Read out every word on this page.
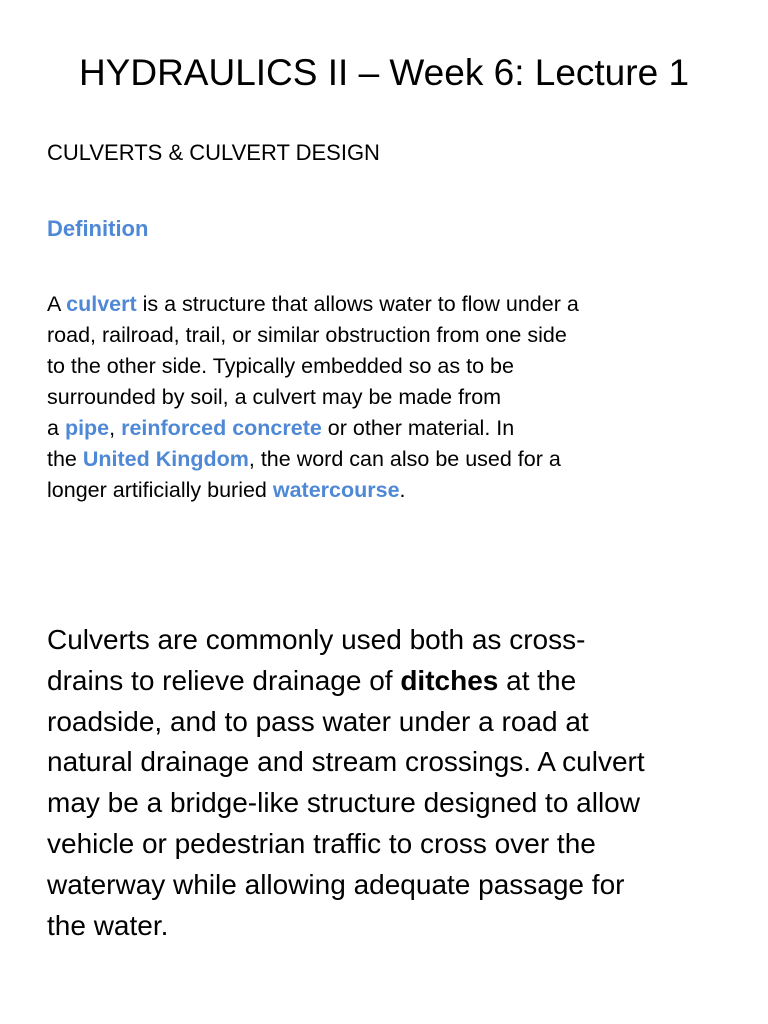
HYDRAULICS II – Week 6: Lecture 1

CULVERTS & CULVERT DESIGN

Definition

A culvert is a structure that allows water to flow under a
road, railroad, trail, or similar obstruction from one side
to the other side. Typically embedded so as to be
surrounded by soil, a culvert may be made from
a pipe, reinforced concrete or other material. In
the United Kingdom, the word can also be used for a
longer artificially buried watercourse.

Culverts are commonly used both as cross-
drains to relieve drainage of ditches at the
roadside, and to pass water under a road at
natural drainage and stream crossings. A culvert
may be a bridge-like structure designed to allow
vehicle or pedestrian traffic to cross over the
waterway while allowing adequate passage for
the water.
